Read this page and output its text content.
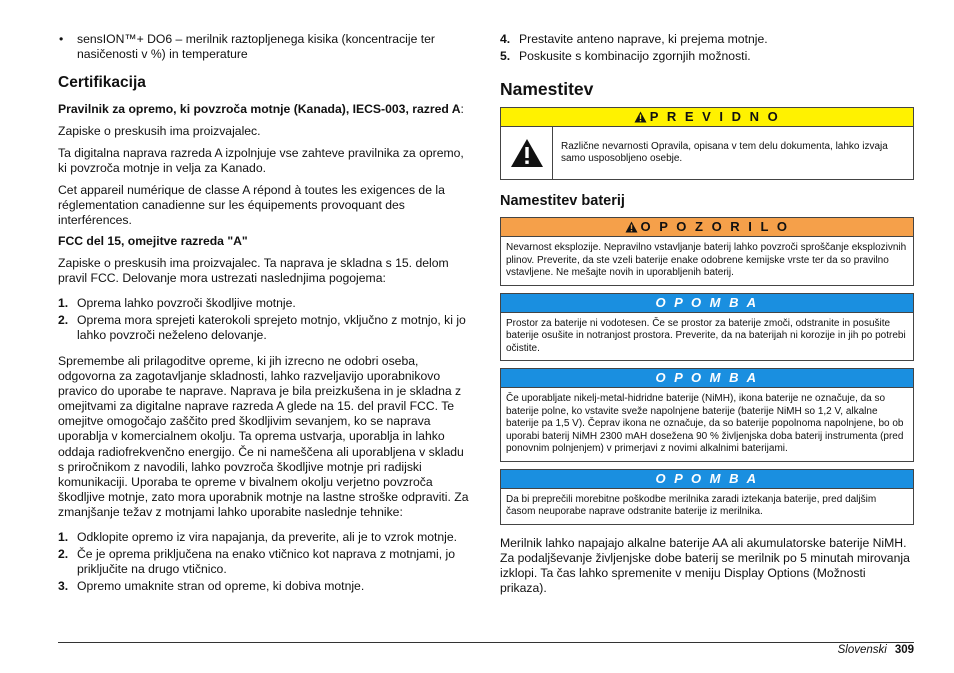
•	sensION™+ DO6 – merilnik raztopljenega kisika (koncentracije ter nasičenosti v %) in temperature
Certifikacija

Pravilnik za opremo, ki povzroča motnje (Kanada), IECS-003, razred A:

Zapiske o preskusih ima proizvajalec.

Ta digitalna naprava razreda A izpolnjuje vse zahteve pravilnika za opremo, ki povzroča motnje in velja za Kanado.

Cet appareil numérique de classe A répond à toutes les exigences de la réglementation canadienne sur les équipements provoquant des interférences.

FCC del 15, omejitve razreda "A"

Zapiske o preskusih ima proizvajalec. Ta naprava je skladna s 15. delom pravil FCC. Delovanje mora ustrezati naslednjima pogojema:

1. Oprema lahko povzroči škodljive motnje.
2. Oprema mora sprejeti katerokoli sprejeto motnjo, vključno z motnjo, ki jo lahko povzroči neželeno delovanje.

Spremembe ali prilagoditve opreme, ki jih izrecno ne odobri oseba, odgovorna za zagotavljanje skladnosti, lahko razveljavijo uporabnikovo pravico do uporabe te naprave. Naprava je bila preizkušena in je skladna z omejitvami za digitalne naprave razreda A glede na 15. del pravil FCC. Te omejitve omogočajo zaščito pred škodljivim sevanjem, ko se naprava uporablja v komercialnem okolju. Ta oprema ustvarja, uporablja in lahko oddaja radiofrekvenčno energijo. Če ni nameščena ali uporabljena v skladu s priročnikom z navodili, lahko povzroča škodljive motnje pri radijski komunikaciji. Uporaba te opreme v bivalnem okolju verjetno povzroča škodljive motnje, zato mora uporabnik motnje na lastne stroške odpraviti. Za zmanjšanje težav z motnjami lahko uporabite naslednje tehnike:

1. Odklopite opremo iz vira napajanja, da preverite, ali je to vzrok motnje.
2. Če je oprema priključena na enako vtičnico kot naprava z motnjami, jo priključite na drugo vtičnico.
3. Opremo umaknite stran od opreme, ki dobiva motnje.
4. Prestavite anteno naprave, ki prejema motnje.
5. Poskusite s kombinacijo zgornjih možnosti.
Namestitev
P R E V I D N O
Različne nevarnosti Opravila, opisana v tem delu dokumenta, lahko izvaja samo usposobljeno osebje.
Namestitev baterij
O P O Z O R I L O
Nevarnost eksplozije. Nepravilno vstavljanje baterij lahko povzroči sproščanje eksplozivnih plinov. Preverite, da ste vzeli baterije enake odobrene kemijske vrste ter da so pravilno vstavljene. Ne mešajte novih in uporabljenih baterij.
O P O M B A
Prostor za baterije ni vodotesen. Če se prostor za baterije zmoči, odstranite in posušite baterije osušite in notranjost prostora. Preverite, da na baterijah ni korozije in jih po potrebi očistite.
O P O M B A
Če uporabljate nikelj-metal-hidridne baterije (NiMH), ikona baterije ne označuje, da so baterije polne, ko vstavite sveže napolnjene baterije (baterije NiMH so 1,2 V, alkalne baterije pa 1,5 V). Čeprav ikona ne označuje, da so baterije popolnoma napolnjene, bo ob uporabi baterij NiMH 2300 mAH doseženа 90 % življenjska doba baterij instrumenta (pred ponovnim polnjenjem) v primerjavi z novimi alkalnimi baterijami.
O P O M B A
Da bi preprečili morebitne poškodbe merilnika zaradi iztekanja baterije, pred daljšim časom neuporabe naprave odstranite baterije iz merilnika.

Merilnik lahko napajajo alkalne baterije AA ali akumulatorske baterije NiMH. Za podaljševanje življenjske dobe baterij se merilnik po 5 minutah mirovanja izklopi. Ta čas lahko spremenite v meniju Display Options (Možnosti prikaza).

Slovenski 309
